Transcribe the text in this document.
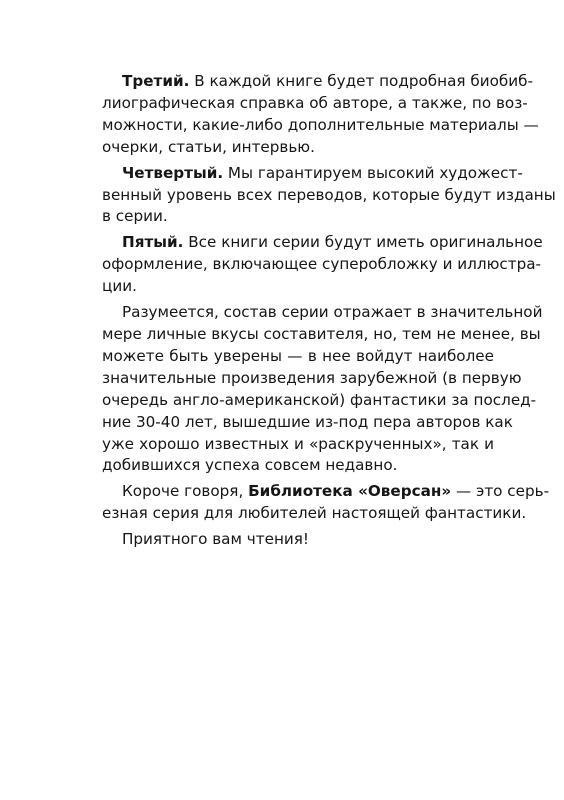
Третий. В каждой книге будет подробная биобиб-
лиографическая справка об авторе, а также, по воз-
можности, какие-либо дополнительные материалы —
очерки, статьи, интервью.
Четвертый. Мы гарантируем высокий художест-
венный уровень всех переводов, которые будут изданы
в серии.
Пятый. Все книги серии будут иметь оригинальное
оформление, включающее суперобложку и иллюстра-
ции.
Разумеется, состав серии отражает в значительной
мере личные вкусы составителя, но, тем не менее, вы
можете быть уверены — в нее войдут наиболее
значительные произведения зарубежной (в первую
очередь англо-американской) фантастики за послед-
ние 30-40 лет, вышедшие из-под пера авторов как
уже хорошо известных и «раскрученных», так и
добившихся успеха совсем недавно.
Короче говоря, Библиотека «Оверсан» — это серь-
езная серия для любителей настоящей фантастики.
Приятного вам чтения!
